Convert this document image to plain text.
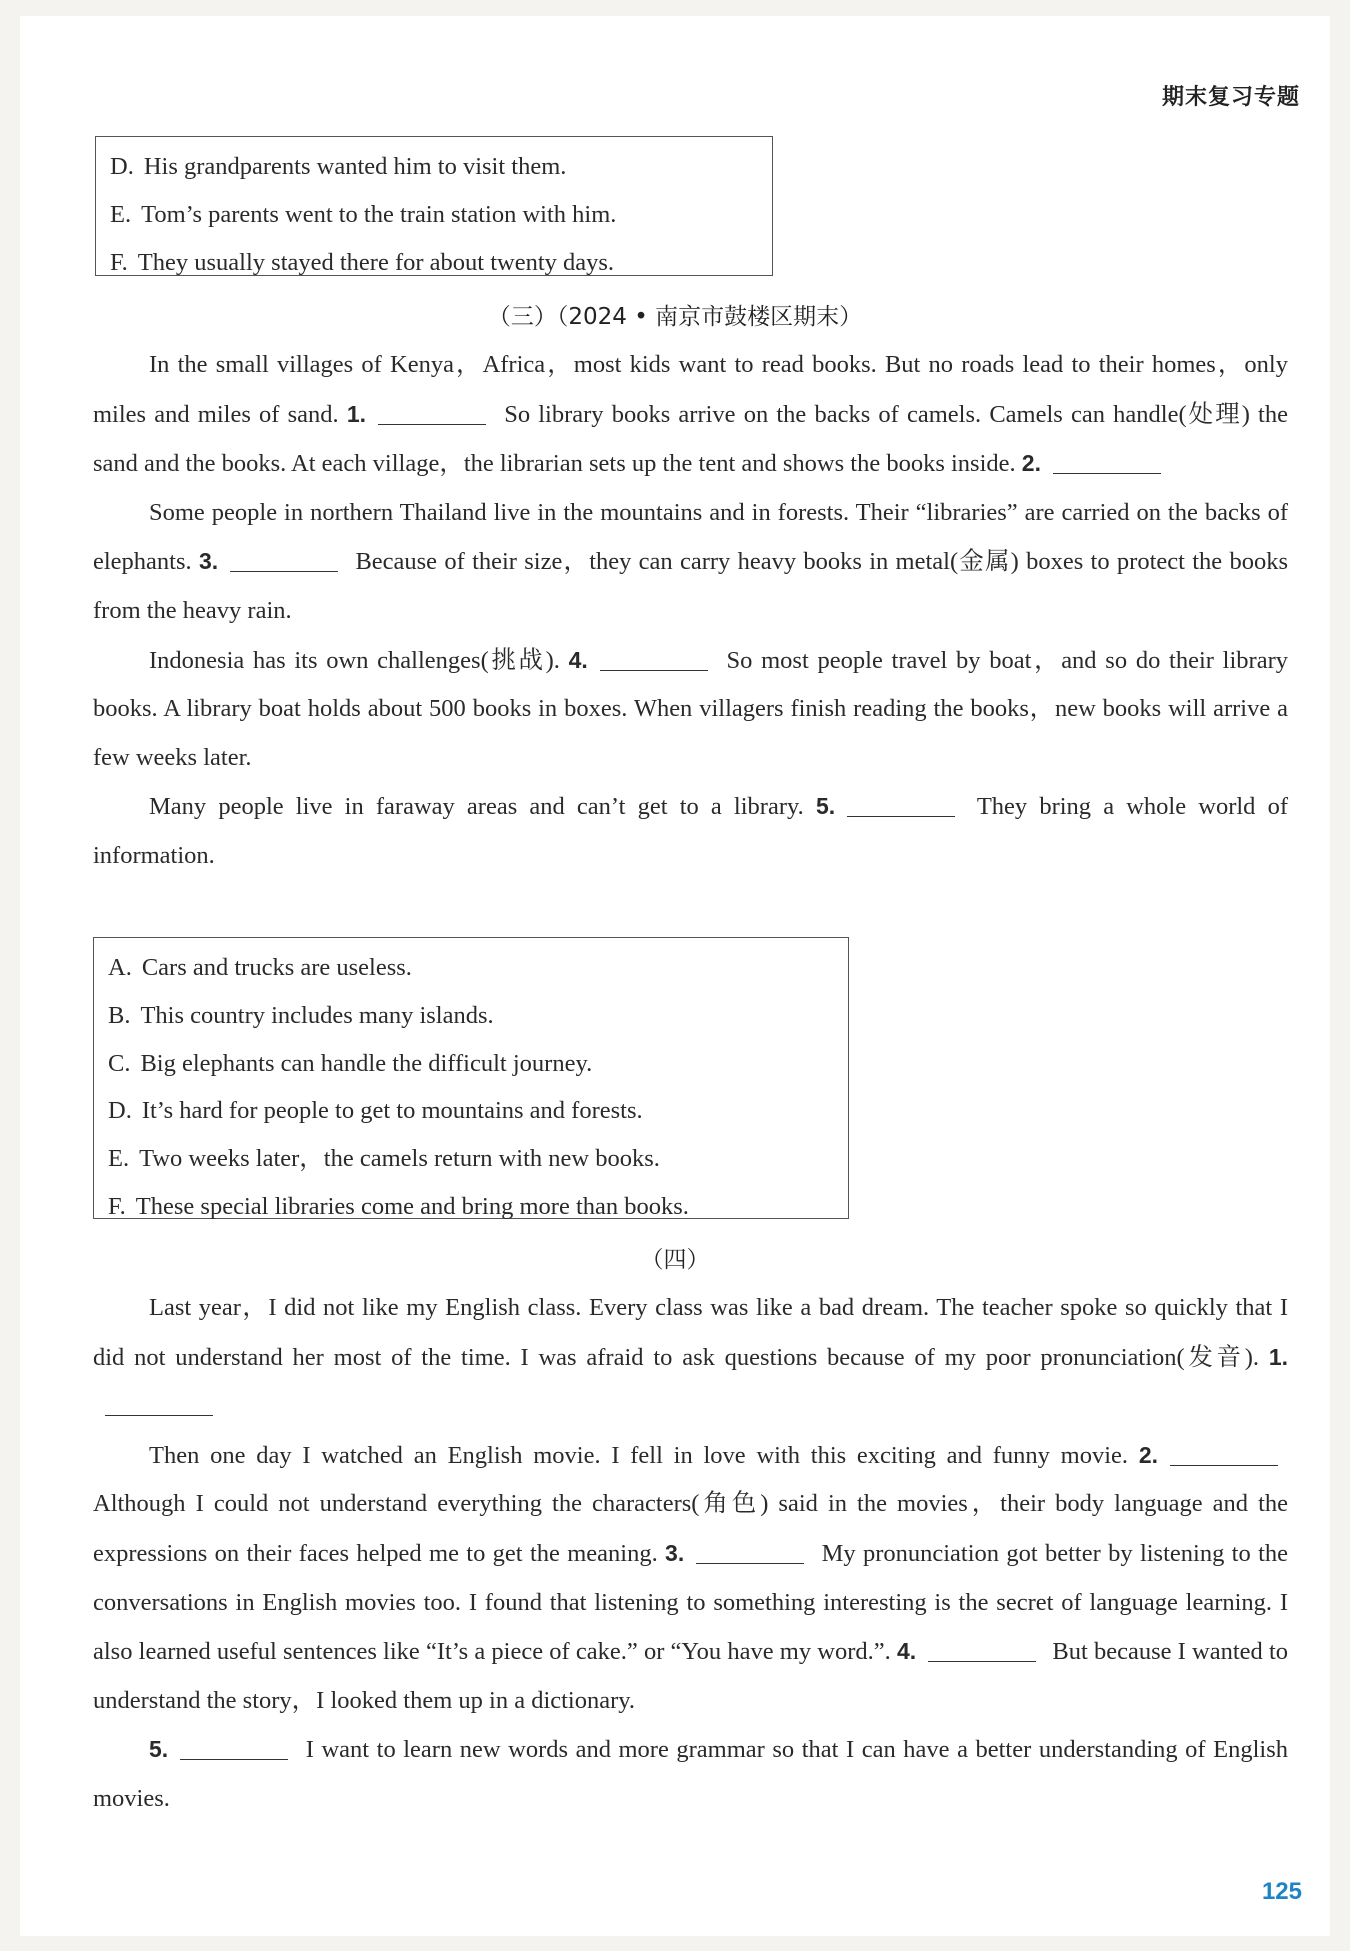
期末复习专题
D. His grandparents wanted him to visit them.
E. Tom’s parents went to the train station with him.
F. They usually stayed there for about twenty days.
（三）（2024 • 南京市鼓楼区期末）

In the small villages of Kenya，Africa，most kids want to read books. But no roads lead to their homes，only miles and miles of sand. 1.	So library books arrive on the backs of camels. Camels can handle(处理) the sand and the books. At each village，the librarian sets up the tent and shows the books inside. 2.

Some people in northern Thailand live in the mountains and in forests. Their “libraries” are carried on the backs of elephants. 3.	Because of their size，they can carry heavy books in metal(金属) boxes to protect the books from the heavy rain.

Indonesia has its own challenges(挑战). 4.	So most people travel by boat，and so do their library books. A library boat holds about 500 books in boxes. When villagers finish reading the books，new books will arrive a few weeks later.

Many people live in faraway areas and can’t get to a library. 5.	They bring a whole world of information.

A. Cars and trucks are useless.
B. This country includes many islands.
C. Big elephants can handle the difficult journey.
D. It’s hard for people to get to mountains and forests.
E. Two weeks later，the camels return with new books.
F. These special libraries come and bring more than books.
（四）

Last year，I did not like my English class. Every class was like a bad dream. The teacher spoke so quickly that I did not understand her most of the time. I was afraid to ask questions because of my poor pronunciation(发音). 1.

Then one day I watched an English movie. I fell in love with this exciting and funny movie. 2. Although I could not understand everything the characters(角色) said in the movies，their body language and the expressions on their faces helped me to get the meaning. 3.	My pronunciation got better by listening to the conversations in English movies too. I found that listening to something interesting is the secret of language learning. I also learned useful sentences like “It’s a piece of cake.” or “You have my word.”. 4.	But because I wanted to understand the story，I looked them up in a dictionary.

5.	I want to learn new words and more grammar so that I can have a better understanding of English movies.

125
